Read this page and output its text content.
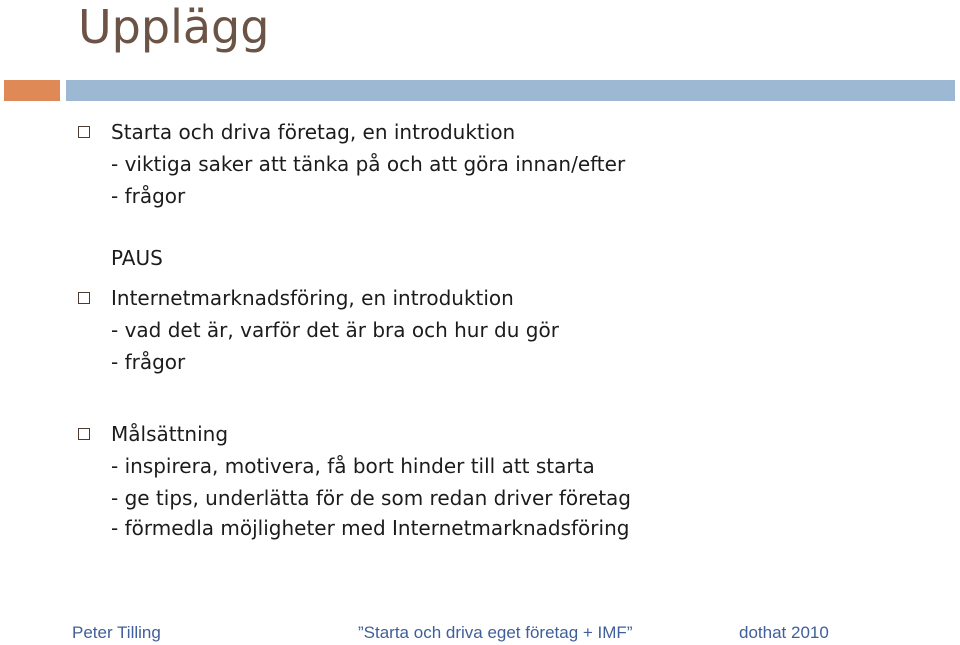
Upplägg
Starta och driva företag, en introduktion
- viktiga saker att tänka på och att göra innan/efter
- frågor
PAUS
Internetmarknadsföring, en introduktion
- vad det är, varför det är bra och hur du gör
- frågor
Målsättning
- inspirera, motivera, få bort hinder till att starta
- ge tips, underlätta för de som redan driver företag
- förmedla möjligheter med Internetmarknadsföring
Peter Tilling	”Starta och driva eget företag + IMF”	dothat 2010
